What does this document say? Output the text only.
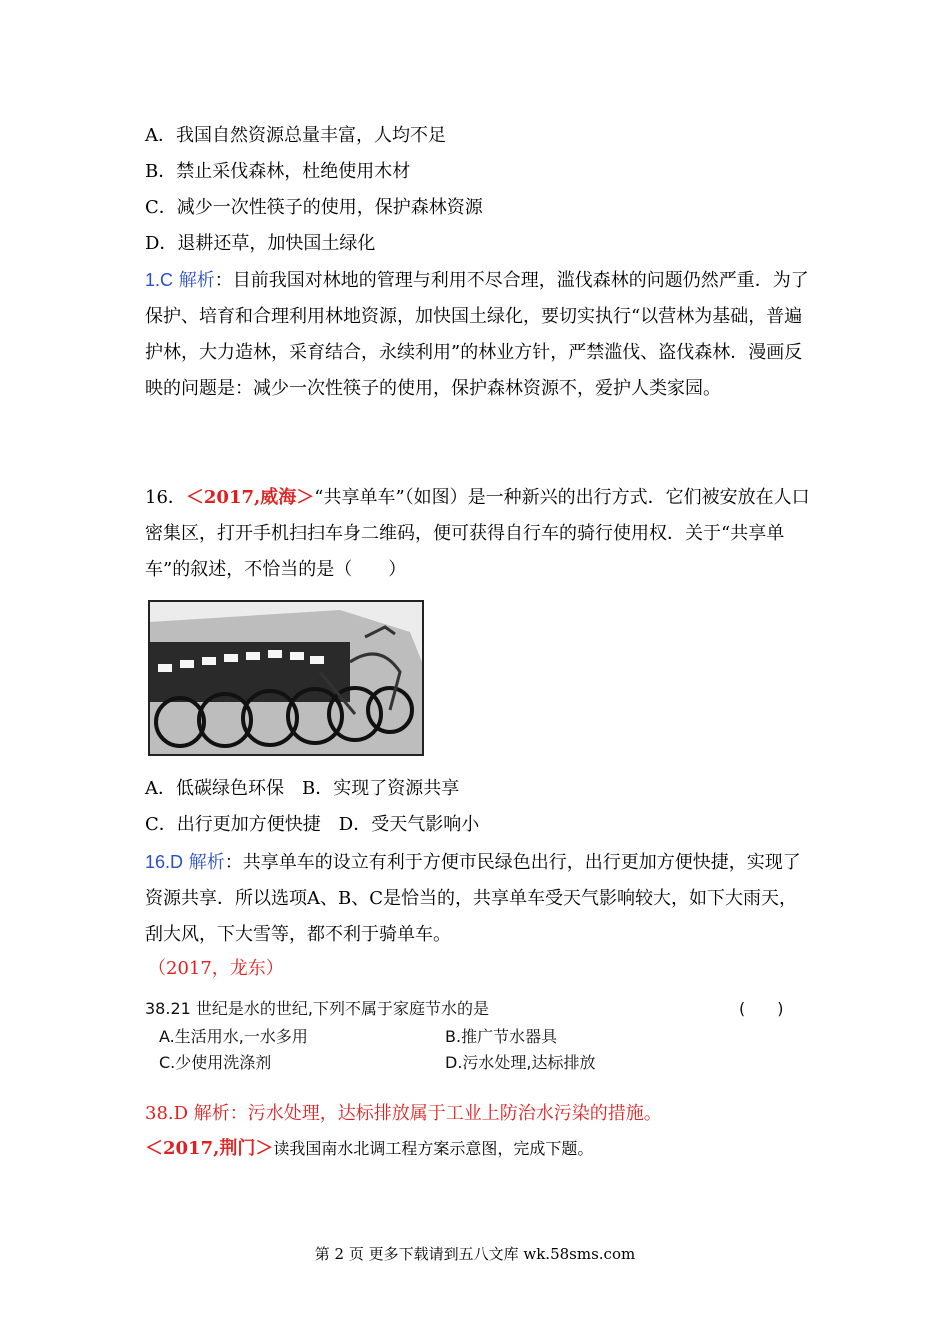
A．我国自然资源总量丰富，人均不足
B．禁止采伐森林，杜绝使用木材
C．减少一次性筷子的使用，保护森林资源
D．退耕还草，加快国土绿化
1.C 解析：目前我国对林地的管理与利用不尽合理，滥伐森林的问题仍然严重．为了保护、培育和合理利用林地资源，加快国土绿化，要切实执行“以营林为基础，普遍护林，大力造林，采育结合，永续利用”的林业方针，严禁滥伐、盗伐森林．漫画反映的问题是：减少一次性筷子的使用，保护森林资源不，爱护人类家园。
16．＜2017,威海＞“共享单车”（如图）是一种新兴的出行方式．它们被安放在人口密集区，打开手机扫扫车身二维码，便可获得自行车的骑行使用权．关于“共享单车”的叙述，不恰当的是（　　）
A．低碳绿色环保　B．实现了资源共享
C．出行更加方便快捷　D．受天气影响小
16.D 解析：共享单车的设立有利于方便市民绿色出行，出行更加方便快捷，实现了资源共享．所以选项A、B、C是恰当的，共享单车受天气影响较大，如下大雨天，刮大风，下大雪等，都不利于骑单车。
（2017，龙东）
38.21 世纪是水的世纪,下列不属于家庭节水的是	(　　)
A.生活用水,一水多用	B.推广节水器具
C.少使用洗涤剂	D.污水处理,达标排放
38.D 解析：污水处理，达标排放属于工业上防治水污染的措施。
＜2017,荆门＞读我国南水北调工程方案示意图，完成下题。
第 2 页 更多下载请到五八文库 wk.58sms.com
